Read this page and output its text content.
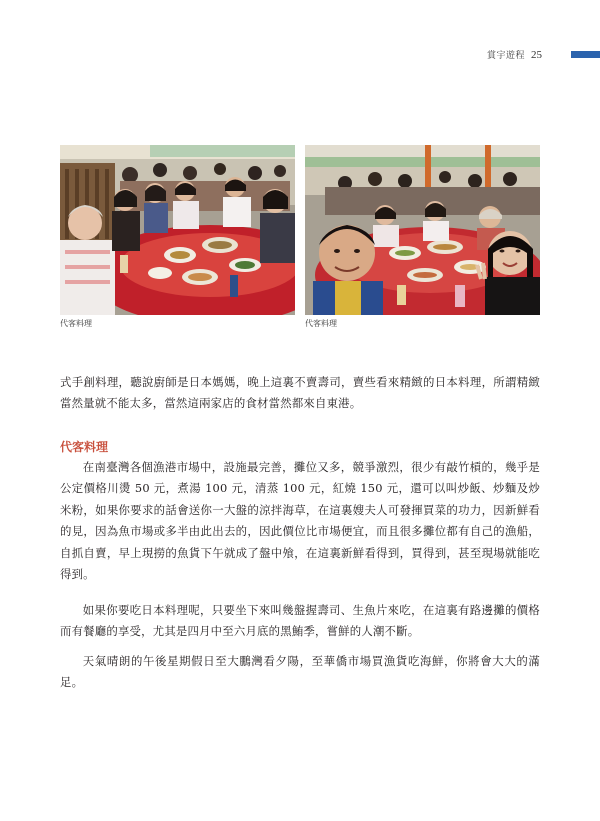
賞宇遊程 25
代客料理	代客料理
式手創料理，聽說廚師是日本媽媽，晚上這裏不賣壽司，賣些看來精緻的日本料理，所謂精緻當然量就不能太多，當然這兩家店的食材當然都來自東港。
代客料理
在南臺灣各個漁港市場中，設施最完善，攤位又多，競爭激烈，很少有敲竹槓的，幾乎是公定價格川燙 50 元，煮湯 100 元，清蒸 100 元，紅燒 150 元，還可以叫炒飯、炒麵及炒米粉，如果你要求的話會送你一大盤的涼拌海草，在這裏嫂夫人可發揮買菜的功力，因新鮮看的見，因為魚市場或多半由此出去的，因此價位比市場便宜，而且很多攤位都有自己的漁船，自抓自賣，早上現撈的魚貨下午就成了盤中飧，在這裏新鮮看得到，買得到，甚至現場就能吃得到。
如果你要吃日本料理呢，只要坐下來叫幾盤握壽司、生魚片來吃，在這裏有路邊攤的價格而有餐廳的享受，尤其是四月中至六月底的黑鮪季，嘗鮮的人潮不斷。
天氣晴朗的午後星期假日至大鵬灣看夕陽，至華僑市場買漁貨吃海鮮，你將會大大的滿足。
